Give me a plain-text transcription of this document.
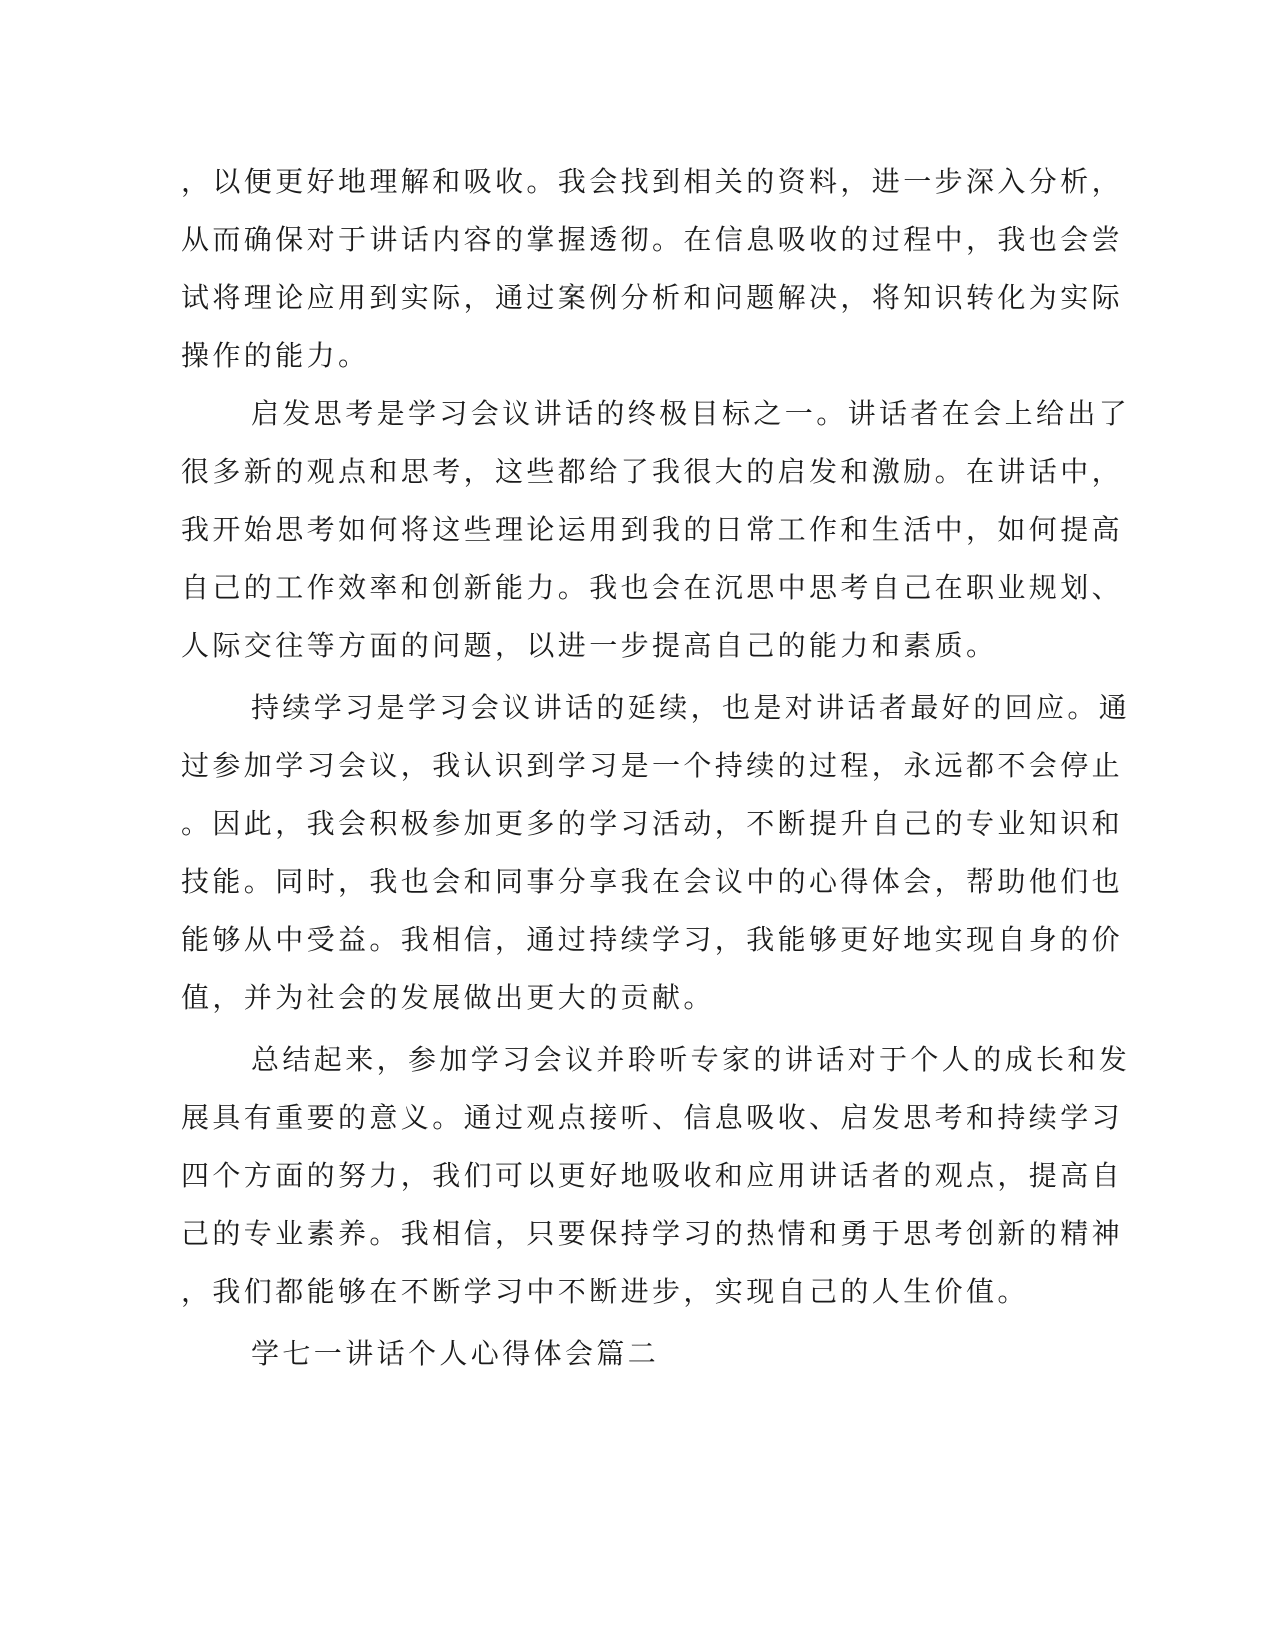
，以便更好地理解和吸收。我会找到相关的资料，进一步深入分析，
从而确保对于讲话内容的掌握透彻。在信息吸收的过程中，我也会尝
试将理论应用到实际，通过案例分析和问题解决，将知识转化为实际
操作的能力。
启发思考是学习会议讲话的终极目标之一。讲话者在会上给出了
很多新的观点和思考，这些都给了我很大的启发和激励。在讲话中，
我开始思考如何将这些理论运用到我的日常工作和生活中，如何提高
自己的工作效率和创新能力。我也会在沉思中思考自己在职业规划、
人际交往等方面的问题，以进一步提高自己的能力和素质。
持续学习是学习会议讲话的延续，也是对讲话者最好的回应。通
过参加学习会议，我认识到学习是一个持续的过程，永远都不会停止
。因此，我会积极参加更多的学习活动，不断提升自己的专业知识和
技能。同时，我也会和同事分享我在会议中的心得体会，帮助他们也
能够从中受益。我相信，通过持续学习，我能够更好地实现自身的价
值，并为社会的发展做出更大的贡献。
总结起来，参加学习会议并聆听专家的讲话对于个人的成长和发
展具有重要的意义。通过观点接听、信息吸收、启发思考和持续学习
四个方面的努力，我们可以更好地吸收和应用讲话者的观点，提高自
己的专业素养。我相信，只要保持学习的热情和勇于思考创新的精神
，我们都能够在不断学习中不断进步，实现自己的人生价值。
学七一讲话个人心得体会篇二
